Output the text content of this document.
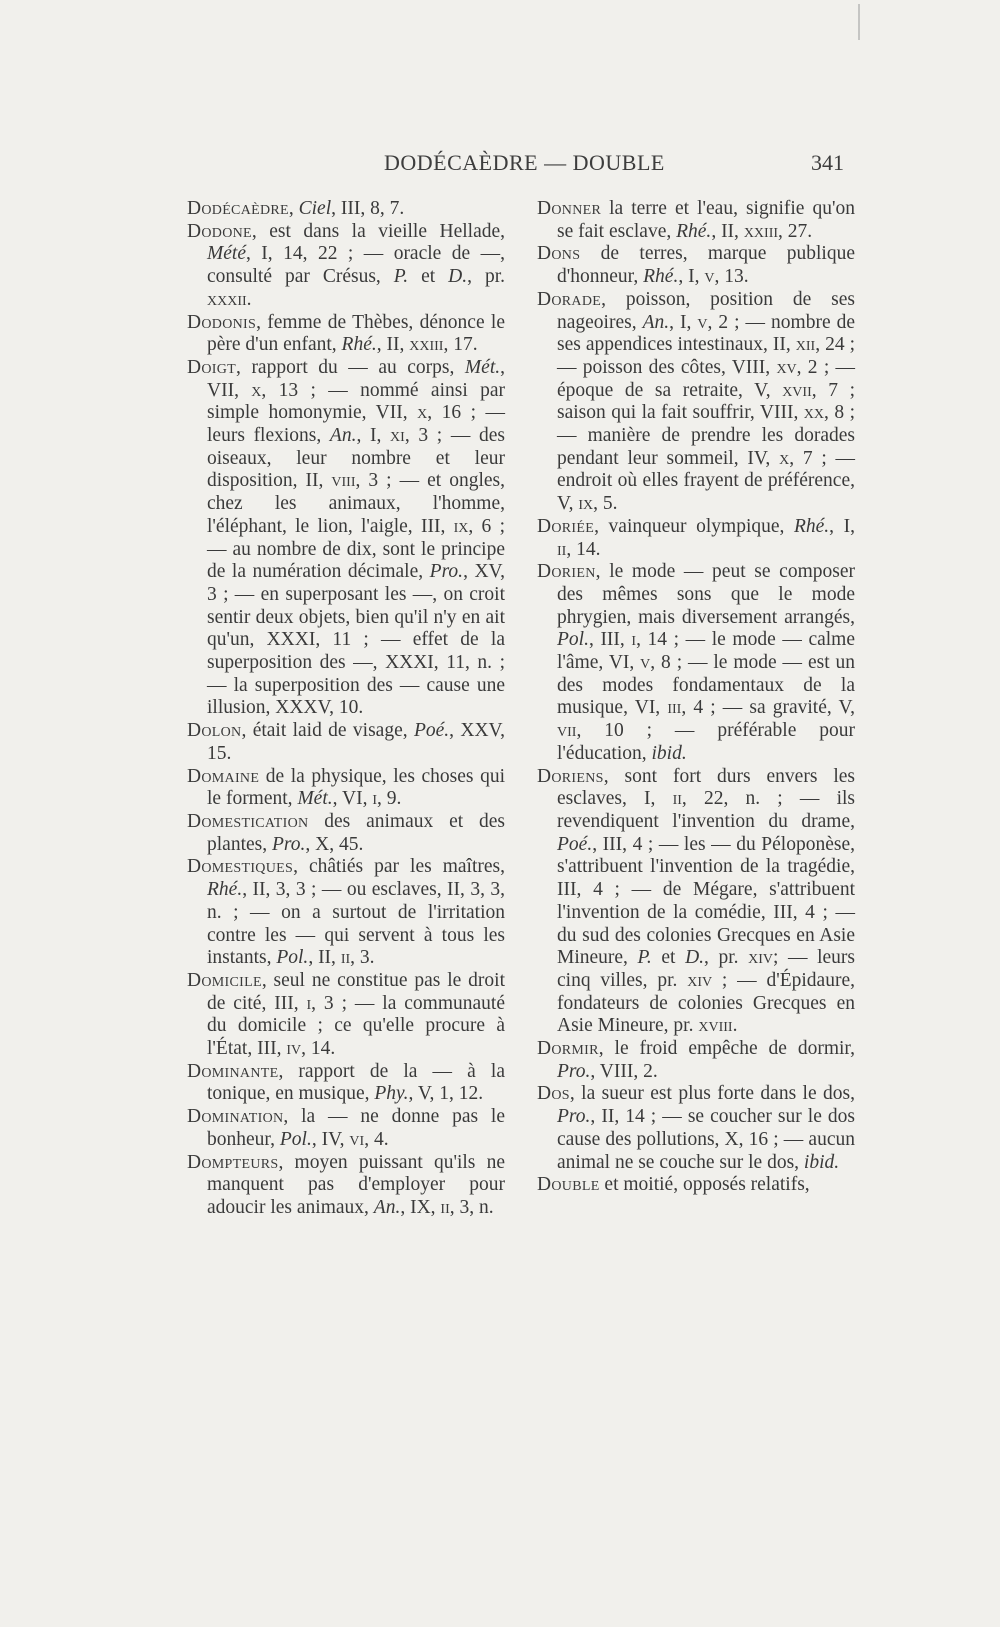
DODÉCAÈDRE — DOUBLE	341

Dodécaèdre, Ciel, III, 8, 7.

Dodone, est dans la vieille Hellade, Mété, I, 14, 22 ; — oracle de —, consulté par Crésus, P. et D., pr. xxxii.

Dodonis, femme de Thèbes, dénonce le père d'un enfant, Rhé., II, xxiii, 17.

Doigt, rapport du — au corps, Mét., VII, x, 13 ; — nommé ainsi par simple homonymie, VII, x, 16 ; — leurs flexions, An., I, xi, 3 ; — des oiseaux, leur nombre et leur disposition, II, viii, 3 ; — et ongles, chez les animaux, l'homme, l'éléphant, le lion, l'aigle, III, ix, 6 ; — au nombre de dix, sont le principe de la numération décimale, Pro., XV, 3 ; — en superposant les —, on croit sentir deux objets, bien qu'il n'y en ait qu'un, XXXI, 11 ; — effet de la superposition des —, XXXI, 11, n. ; — la superposition des — cause une illusion, XXXV, 10.

Dolon, était laid de visage, Poé., XXV, 15.

Domaine de la physique, les choses qui le forment, Mét., VI, i, 9.

Domestication des animaux et des plantes, Pro., X, 45.

Domestiques, châtiés par les maîtres, Rhé., II, 3, 3 ; — ou esclaves, II, 3, 3, n. ; — on a surtout de l'irritation contre les — qui servent à tous les instants, Pol., II, ii, 3.

Domicile, seul ne constitue pas le droit de cité, III, i, 3 ; — la communauté du domicile ; ce qu'elle procure à l'État, III, iv, 14.

Dominante, rapport de la — à la tonique, en musique, Phy., V, 1, 12.

Domination, la — ne donne pas le bonheur, Pol., IV, vi, 4.

Dompteurs, moyen puissant qu'ils ne manquent pas d'employer pour adoucir les animaux, An., IX, ii, 3, n.

Donner la terre et l'eau, signifie qu'on se fait esclave, Rhé., II, xxiii, 27.

Dons de terres, marque publique d'honneur, Rhé., I, v, 13.

Dorade, poisson, position de ses nageoires, An., I, v, 2 ; — nombre de ses appendices intestinaux, II, xii, 24 ; — poisson des côtes, VIII, xv, 2 ; — époque de sa retraite, V, xvii, 7 ; saison qui la fait souffrir, VIII, xx, 8 ; — manière de prendre les dorades pendant leur sommeil, IV, x, 7 ; — endroit où elles frayent de préférence, V, ix, 5.

Doriée, vainqueur olympique, Rhé., I, ii, 14.

Dorien, le mode — peut se composer des mêmes sons que le mode phrygien, mais diversement arrangés, Pol., III, i, 14 ; — le mode — calme l'âme, VI, v, 8 ; — le mode — est un des modes fondamentaux de la musique, VI, iii, 4 ; — sa gravité, V, vii, 10 ; — préférable pour l'éducation, ibid.

Doriens, sont fort durs envers les esclaves, I, ii, 22, n. ; — ils revendiquent l'invention du drame, Poé., III, 4 ; — les — du Péloponèse, s'attribuent l'invention de la tragédie, III, 4 ; — de Mégare, s'attribuent l'invention de la comédie, III, 4 ; — du sud des colonies Grecques en Asie Mineure, P. et D., pr. xiv; — leurs cinq villes, pr. xiv ; — d'Épidaure, fondateurs de colonies Grecques en Asie Mineure, pr. xviii.

Dormir, le froid empêche de dormir, Pro., VIII, 2.

Dos, la sueur est plus forte dans le dos, Pro., II, 14 ; — se coucher sur le dos cause des pollutions, X, 16 ; — aucun animal ne se couche sur le dos, ibid.

Double et moitié, opposés relatifs,
